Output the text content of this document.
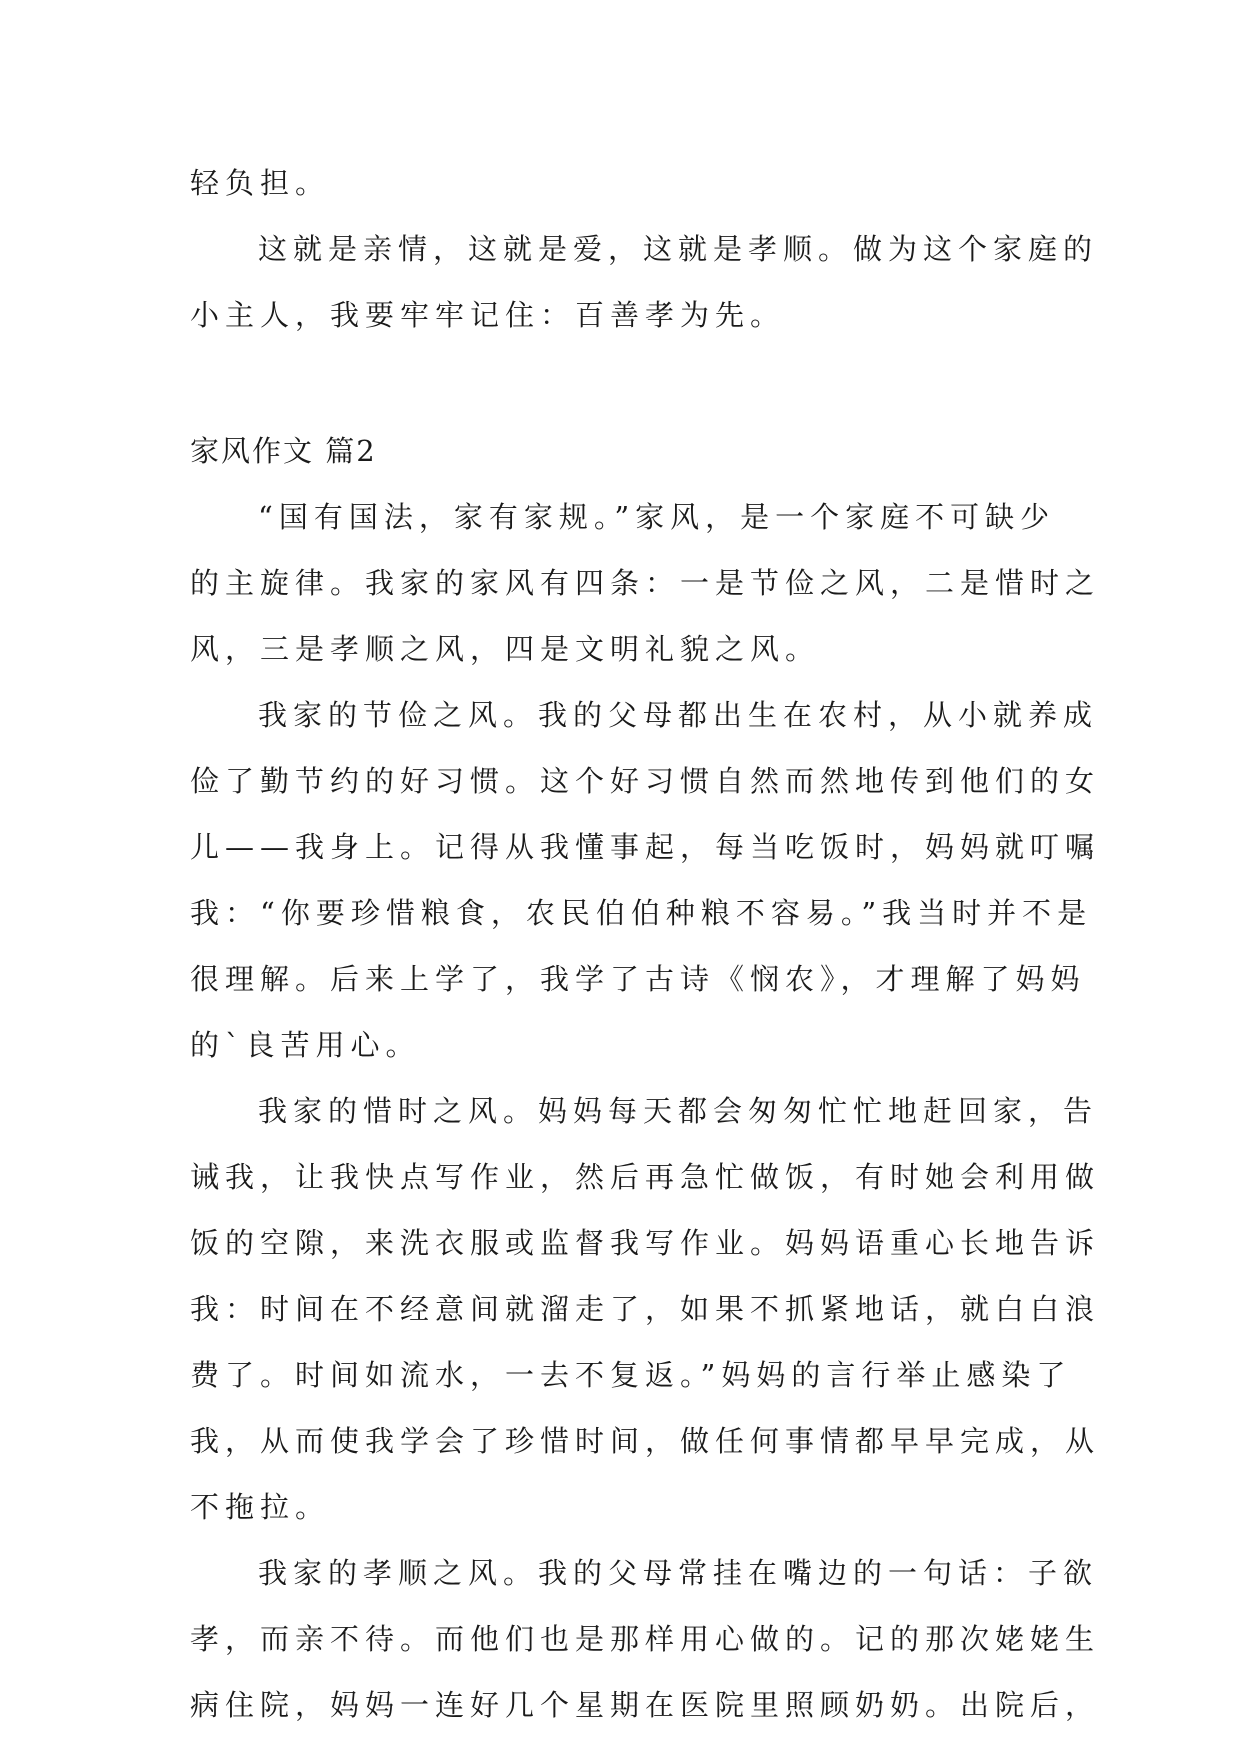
轻负担。
这就是亲情，这就是爱，这就是孝顺。做为这个家庭的
小主人，我要牢牢记住：百善孝为先。
家风作文 篇2
“国有国法，家有家规。”家风，是一个家庭不可缺少
的主旋律。我家的家风有四条：一是节俭之风，二是惜时之
风，三是孝顺之风，四是文明礼貌之风。
我家的节俭之风。我的父母都出生在农村，从小就养成
俭了勤节约的好习惯。这个好习惯自然而然地传到他们的女
儿——我身上。记得从我懂事起，每当吃饭时，妈妈就叮嘱
我：“你要珍惜粮食，农民伯伯种粮不容易。”我当时并不是
很理解。后来上学了，我学了古诗《悯农》，才理解了妈妈
的`良苦用心。
我家的惜时之风。妈妈每天都会匆匆忙忙地赶回家，告
诫我，让我快点写作业，然后再急忙做饭，有时她会利用做
饭的空隙，来洗衣服或监督我写作业。妈妈语重心长地告诉
我：时间在不经意间就溜走了，如果不抓紧地话，就白白浪
费了。时间如流水，一去不复返。”妈妈的言行举止感染了
我，从而使我学会了珍惜时间，做任何事情都早早完成，从
不拖拉。
我家的孝顺之风。我的父母常挂在嘴边的一句话：子欲
孝，而亲不待。而他们也是那样用心做的。记的那次姥姥生
病住院，妈妈一连好几个星期在医院里照顾奶奶。出院后，
